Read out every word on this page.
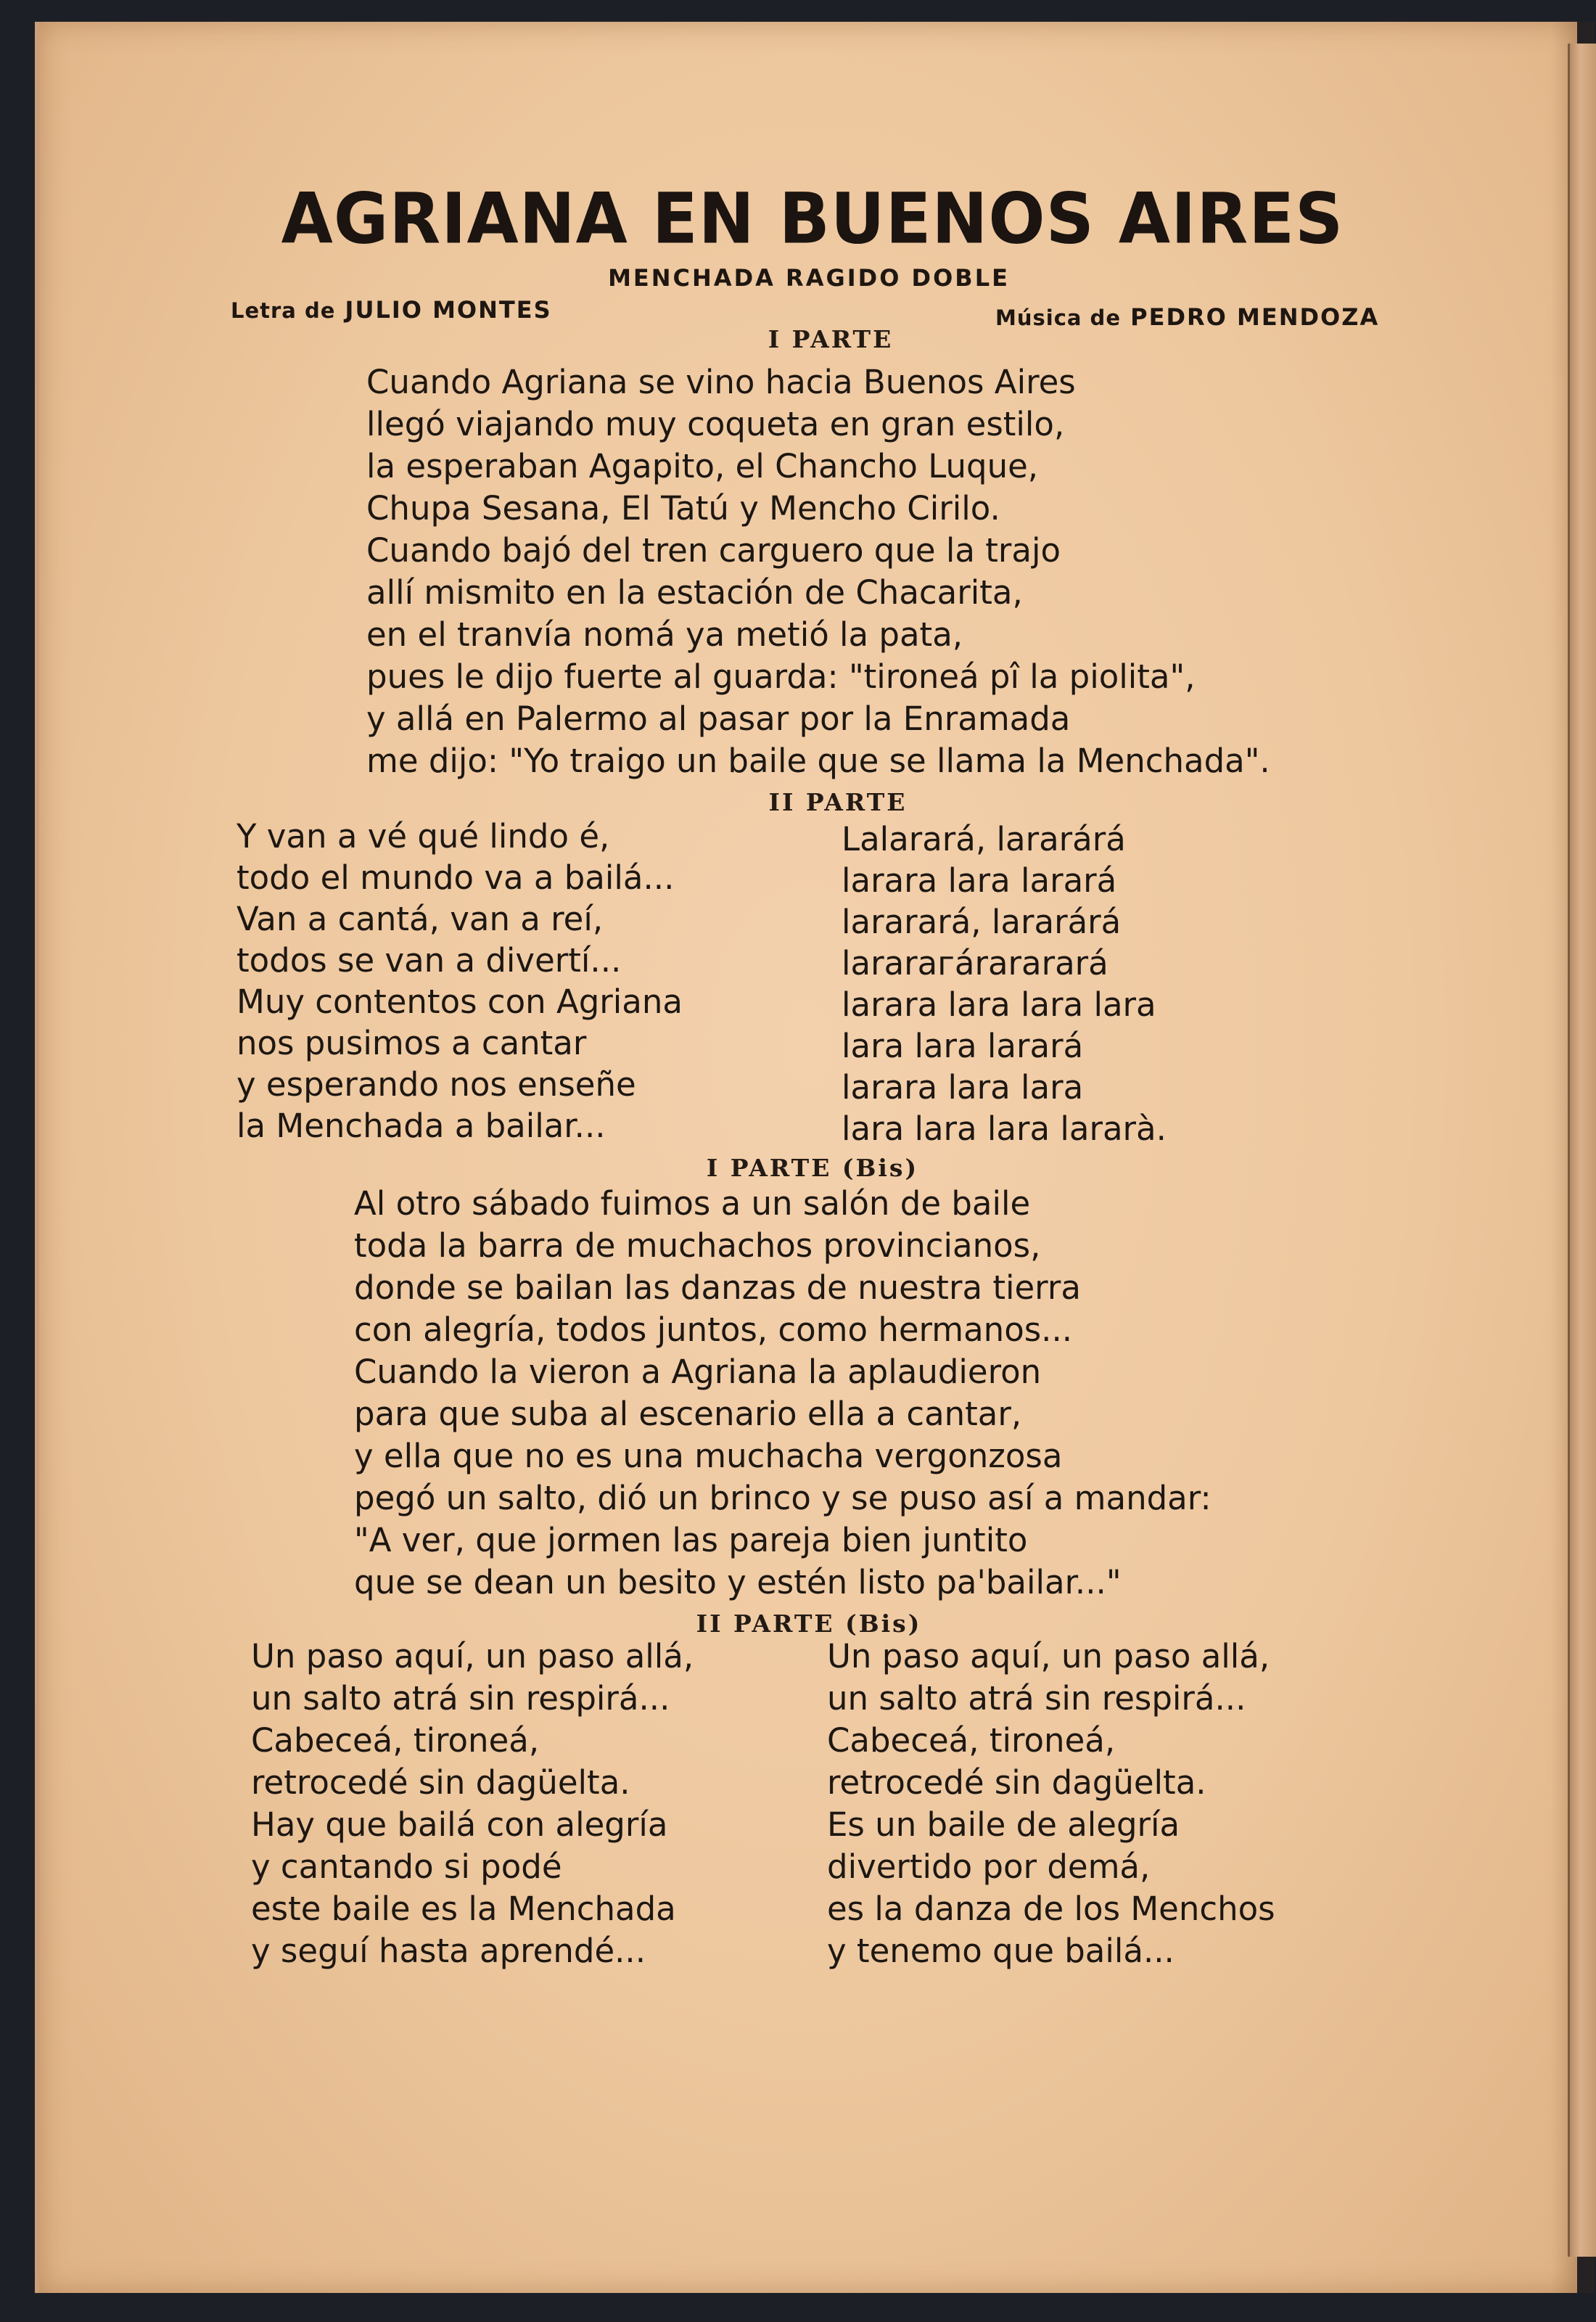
AGRIANA EN BUENOS AIRES
MENCHADA RAGIDO DOBLE
Letra de JULIO MONTES	Música de PEDRO MENDOZA
I PARTE
Cuando Agriana se vino hacia Buenos Aires
llegó viajando muy coqueta en gran estilo,
la esperaban Agapito, el Chancho Luque,
Chupa Sesana, El Tatú y Mencho Cirilo.
Cuando bajó del tren carguero que la trajo
allí mismito en la estación de Chacarita,
en el tranvía nomá ya metió la pata,
pues le dijo fuerte al guarda: "tironeá pî la piolita",
y allá en Palermo al pasar por la Enramada
me dijo: "Yo traigo un baile que se llama la Menchada".
II PARTE
Y van a vé qué lindo é,
todo el mundo va a bailá...
Van a cantá, van a reí,
todos se van a divertí...
Muy contentos con Agriana
nos pusimos a cantar
y esperando nos enseñe
la Menchada a bailar...
Lalarará, lararárá
larara lara larará
lararará, lararárá
lararaгárararará
larara lara lara lara
lara lara larará
larara lara lara
lara lara lara lararà.
I PARTE (Bis)
Al otro sábado fuimos a un salón de baile
toda la barra de muchachos provincianos,
donde se bailan las danzas de nuestra tierra
con alegría, todos juntos, como hermanos...
Cuando la vieron a Agriana la aplaudieron
para que suba al escenario ella a cantar,
y ella que no es una muchacha vergonzosa
pegó un salto, dió un brinco y se puso así a mandar:
"A ver, que jormen las pareja bien juntito
que se dean un besito y estén listo pa'bailar..."
II PARTE (Bis)
Un paso aquí, un paso allá,
un salto atrá sin respirá...
Cabeceá, tironeá,
retrocedé sin dagüelta.
Hay que bailá con alegría
y cantando si podé
este baile es la Menchada
y seguí hasta aprendé...
Un paso aquí, un paso allá,
un salto atrá sin respirá...
Cabeceá, tironeá,
retrocedé sin dagüelta.
Es un baile de alegría
divertido por demá,
es la danza de los Menchos
y tenemo que bailá...
